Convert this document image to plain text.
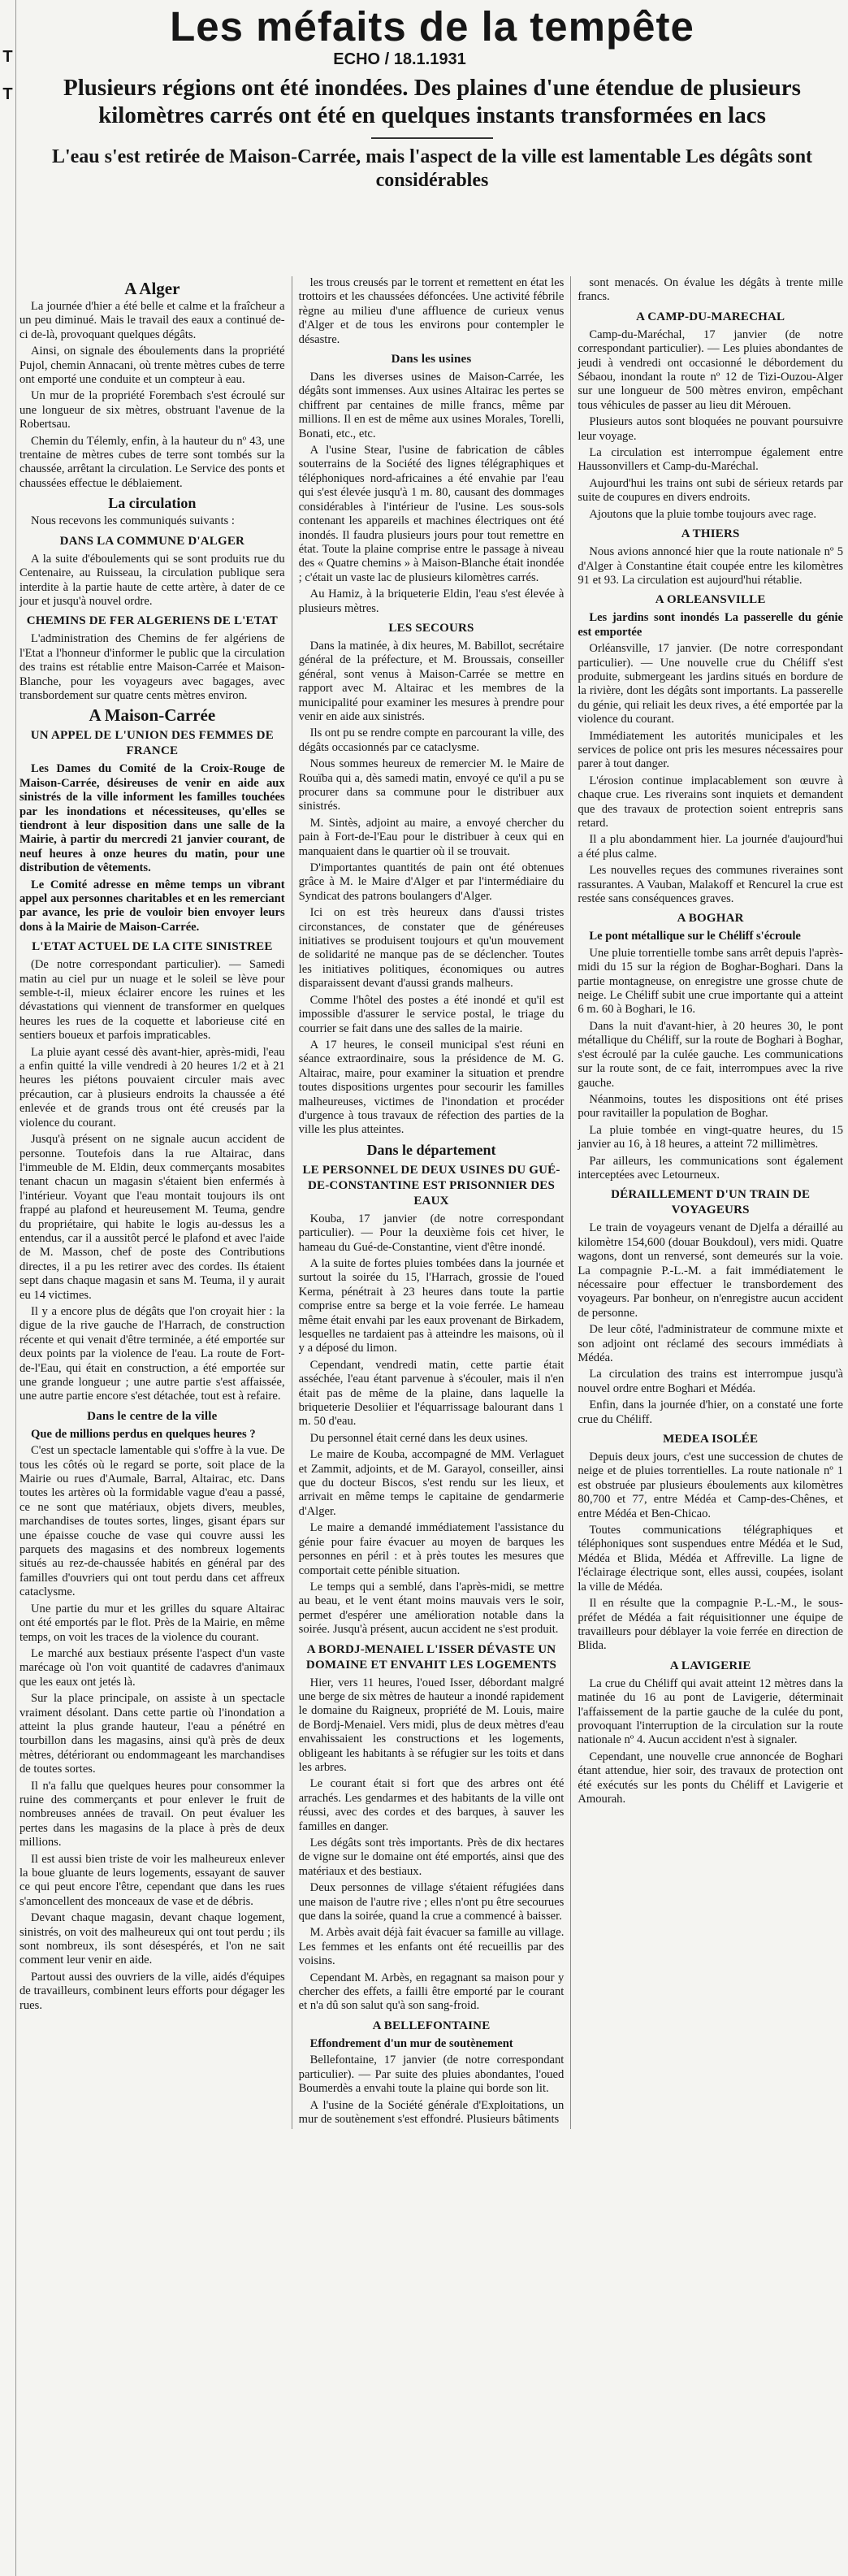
T
T
Les méfaits de la tempête
ECHO / 18.1.1931
Plusieurs régions ont été inondées. Des plaines d'une étendue de plusieurs kilomètres carrés ont été en quelques instants transformées en lacs
L'eau s'est retirée de Maison-Carrée, mais l'aspect de la ville est lamentable Les dégâts sont considérables
A Alger

La journée d'hier a été belle et calme et la fraîcheur a un peu diminué. Mais le travail des eaux a continué de-ci de-là, provoquant quelques dégâts.

Ainsi, on signale des éboulements dans la propriété Pujol, chemin Annacani, où trente mètres cubes de terre ont emporté une conduite et un compteur à eau.

Un mur de la propriété Forembach s'est écroulé sur une longueur de six mètres, obstruant l'avenue de la Robertsau.

Chemin du Télemly, enfin, à la hauteur du nº 43, une trentaine de mètres cubes de terre sont tombés sur la chaussée, arrêtant la circulation. Le Service des ponts et chaussées effectue le déblaiement.

La circulation

Nous recevons les communiqués suivants :

DANS LA COMMUNE D'ALGER

A la suite d'éboulements qui se sont produits rue du Centenaire, au Ruisseau, la circulation publique sera interdite à la partie haute de cette artère, à dater de ce jour et jusqu'à nouvel ordre.

CHEMINS DE FER ALGERIENS DE L'ETAT

L'administration des Chemins de fer algériens de l'Etat a l'honneur d'informer le public que la circulation des trains est rétablie entre Maison-Carrée et Maison-Blanche, pour les voyageurs avec bagages, avec transbordement sur quatre cents mètres environ.

A Maison-Carrée
UN APPEL DE L'UNION DES FEMMES DE FRANCE

Les Dames du Comité de la Croix-Rouge de Maison-Carrée, désireuses de venir en aide aux sinistrés de la ville informent les familles touchées par les inondations et nécessiteuses, qu'elles se tiendront à leur disposition dans une salle de la Mairie, à partir du mercredi 21 janvier courant, de neuf heures à onze heures du matin, pour une distribution de vêtements.

Le Comité adresse en même temps un vibrant appel aux personnes charitables et en les remerciant par avance, les prie de vouloir bien envoyer leurs dons à la Mairie de Maison-Carrée.

L'ETAT ACTUEL DE LA CITE SINISTREE

(De notre correspondant particulier). — Samedi matin au ciel pur un nuage et le soleil se lève pour semble-t-il, mieux éclairer encore les ruines et les dévastations qui viennent de transformer en quelques heures les rues de la coquette et laborieuse cité en sentiers boueux et parfois impraticables.

La pluie ayant cessé dès avant-hier, après-midi, l'eau a enfin quitté la ville vendredi à 20 heures 1/2 et à 21 heures les piétons pouvaient circuler mais avec précaution, car à plusieurs endroits la chaussée a été enlevée et de grands trous ont été creusés par la violence du courant.

Jusqu'à présent on ne signale aucun accident de personne. Toutefois dans la rue Altairac, dans l'immeuble de M. Eldin, deux commerçants mosabites tenant chacun un magasin s'étaient bien enfermés à l'intérieur. Voyant que l'eau montait toujours ils ont frappé au plafond et heureusement M. Teuma, gendre du propriétaire, qui habite le logis au-dessus les a entendus, car il a aussitôt percé le plafond et avec l'aide de M. Masson, chef de poste des Contributions directes, il a pu les retirer avec des cordes. Ils étaient sept dans chaque magasin et sans M. Teuma, il y aurait eu 14 victimes.

Il y a encore plus de dégâts que l'on croyait hier : la digue de la rive gauche de l'Harrach, de construction récente et qui venait d'être terminée, a été emportée sur deux points par la violence de l'eau. La route de Fort-de-l'Eau, qui était en construction, a été emportée sur une grande longueur ; une autre partie s'est affaissée, une autre partie encore s'est détachée, tout est à refaire.

Dans le centre de la ville

Que de millions perdus en quelques heures ?

C'est un spectacle lamentable qui s'offre à la vue. De tous les côtés où le regard se porte, soit place de la Mairie ou rues d'Aumale, Barral, Altairac, etc. Dans toutes les artères où la formidable vague d'eau a passé, ce ne sont que matériaux, objets divers, meubles, marchandises de toutes sortes, linges, gisant épars sur une épaisse couche de vase qui couvre aussi les parquets des magasins et des nombreux logements situés au rez-de-chaussée habités en général par des familles d'ouvriers qui ont tout perdu dans cet affreux cataclysme.

Une partie du mur et les grilles du square Altairac ont été emportés par le flot. Près de la Mairie, en même temps, on voit les traces de la violence du courant.

Le marché aux bestiaux présente l'aspect d'un vaste marécage où l'on voit quantité de cadavres d'animaux que les eaux ont jetés là.

Sur la place principale, on assiste à un spectacle vraiment désolant. Dans cette partie où l'inondation a atteint la plus grande hauteur, l'eau a pénétré en tourbillon dans les magasins, ainsi qu'à près de deux mètres, détériorant ou endommageant les marchandises de toutes sortes.

Il n'a fallu que quelques heures pour consommer la ruine des commerçants et pour enlever le fruit de nombreuses années de travail. On peut évaluer les pertes dans les magasins de la place à près de deux millions.

Il est aussi bien triste de voir les malheureux enlever la boue gluante de leurs logements, essayant de sauver ce qui peut encore l'être, cependant que dans les rues s'amoncellent des monceaux de vase et de débris.

Devant chaque magasin, devant chaque logement, sinistrés, on voit des malheureux qui ont tout perdu ; ils sont nombreux, ils sont désespérés, et l'on ne sait comment leur venir en aide.

Partout aussi des ouvriers de la ville, aidés d'équipes de travailleurs, combinent leurs efforts pour dégager les rues.

les trous creusés par le torrent et remettent en état les trottoirs et les chaussées défoncées. Une activité fébrile règne au milieu d'une affluence de curieux venus d'Alger et de tous les environs pour contempler le désastre.

Dans les usines

Dans les diverses usines de Maison-Carrée, les dégâts sont immenses. Aux usines Altairac les pertes se chiffrent par centaines de mille francs, même par millions. Il en est de même aux usines Morales, Torelli, Bonati, etc., etc.

A l'usine Stear, l'usine de fabrication de câbles souterrains de la Société des lignes télégraphiques et téléphoniques nord-africaines a été envahie par l'eau qui s'est élevée jusqu'à 1 m. 80, causant des dommages considérables à l'intérieur de l'usine. Les sous-sols contenant les appareils et machines électriques ont été inondés. Il faudra plusieurs jours pour tout remettre en état. Toute la plaine comprise entre le passage à niveau des « Quatre chemins » à Maison-Blanche était inondée ; c'était un vaste lac de plusieurs kilomètres carrés.

Au Hamiz, à la briqueterie Eldin, l'eau s'est élevée à plusieurs mètres.

LES SECOURS

Dans la matinée, à dix heures, M. Babillot, secrétaire général de la préfecture, et M. Broussais, conseiller général, sont venus à Maison-Carrée se mettre en rapport avec M. Altairac et les membres de la municipalité pour examiner les mesures à prendre pour venir en aide aux sinistrés.

Ils ont pu se rendre compte en parcourant la ville, des dégâts occasionnés par ce cataclysme.

Nous sommes heureux de remercier M. le Maire de Rouïba qui a, dès samedi matin, envoyé ce qu'il a pu se procurer dans sa commune pour le distribuer aux sinistrés.

M. Sintès, adjoint au maire, a envoyé chercher du pain à Fort-de-l'Eau pour le distribuer à ceux qui en manquaient dans le quartier où il se trouvait.

D'importantes quantités de pain ont été obtenues grâce à M. le Maire d'Alger et par l'intermédiaire du Syndicat des patrons boulangers d'Alger.

Ici on est très heureux dans d'aussi tristes circonstances, de constater que de généreuses initiatives se produisent toujours et qu'un mouvement de solidarité ne manque pas de se déclencher. Toutes les initiatives politiques, économiques ou autres disparaissent devant d'aussi grands malheurs.

Comme l'hôtel des postes a été inondé et qu'il est impossible d'assurer le service postal, le triage du courrier se fait dans une des salles de la mairie.

A 17 heures, le conseil municipal s'est réuni en séance extraordinaire, sous la présidence de M. G. Altairac, maire, pour examiner la situation et prendre toutes dispositions urgentes pour secourir les familles malheureuses, victimes de l'inondation et procéder d'urgence à tous travaux de réfection des parties de la ville les plus atteintes.

Dans le département
LE PERSONNEL DE DEUX USINES DU GUÉ-DE-CONSTANTINE EST PRISONNIER DES EAUX

Kouba, 17 janvier (de notre correspondant particulier). — Pour la deuxième fois cet hiver, le hameau du Gué-de-Constantine, vient d'être inondé.

A la suite de fortes pluies tombées dans la journée et surtout la soirée du 15, l'Harrach, grossie de l'oued Kerma, pénétrait à 23 heures dans toute la partie comprise entre sa berge et la voie ferrée. Le hameau même était envahi par les eaux provenant de Birkadem, lesquelles ne tardaient pas à atteindre les maisons, où il y a déposé du limon.

Cependant, vendredi matin, cette partie était asséchée, l'eau étant parvenue à s'écouler, mais il n'en était pas de même de la plaine, dans laquelle la briqueterie Desoliier et l'équarrissage balourant dans 1 m. 50 d'eau.

Du personnel était cerné dans les deux usines.

Le maire de Kouba, accompagné de MM. Verlaguet et Zammit, adjoints, et de M. Garayol, conseiller, ainsi que du docteur Biscos, s'est rendu sur les lieux, et arrivait en même temps le capitaine de gendarmerie d'Alger.

Le maire a demandé immédiatement l'assistance du génie pour faire évacuer au moyen de barques les personnes en péril : et à près toutes les mesures que comportait cette pénible situation.

Le temps qui a semblé, dans l'après-midi, se mettre au beau, et le vent étant moins mauvais vers le soir, permet d'espérer une amélioration notable dans la soirée. Jusqu'à présent, aucun accident ne s'est produit.

A BORDJ-MENAIEL L'ISSER DÉVASTE UN DOMAINE ET ENVAHIT LES LOGEMENTS

Hier, vers 11 heures, l'oued Isser, débordant malgré une berge de six mètres de hauteur a inondé rapidement le domaine du Raigneux, propriété de M. Louis, maire de Bordj-Menaiel. Vers midi, plus de deux mètres d'eau envahissaient les constructions et les logements, obligeant les habitants à se réfugier sur les toits et dans les arbres.

Le courant était si fort que des arbres ont été arrachés. Les gendarmes et des habitants de la ville ont réussi, avec des cordes et des barques, à sauver les familles en danger.

Les dégâts sont très importants. Près de dix hectares de vigne sur le domaine ont été emportés, ainsi que des matériaux et des bestiaux.

Deux personnes de village s'étaient réfugiées dans une maison de l'autre rive ; elles n'ont pu être secourues que dans la soirée, quand la crue a commencé à baisser.

M. Arbès avait déjà fait évacuer sa famille au village. Les femmes et les enfants ont été recueillis par des voisins.

Cependant M. Arbès, en regagnant sa maison pour y chercher des effets, a failli être emporté par le courant et n'a dû son salut qu'à son sang-froid.

A BELLEFONTAINE

Effondrement d'un mur de soutènement

Bellefontaine, 17 janvier (de notre correspondant particulier). — Par suite des pluies abondantes, l'oued Boumerdès a envahi toute la plaine qui borde son lit.

A l'usine de la Société générale d'Exploitations, un mur de soutènement s'est effondré. Plusieurs bâtiments

sont menacés. On évalue les dégâts à trente mille francs.

A CAMP-DU-MARECHAL

Camp-du-Maréchal, 17 janvier (de notre correspondant particulier). — Les pluies abondantes de jeudi à vendredi ont occasionné le débordement du Sébaou, inondant la route nº 12 de Tizi-Ouzou-Alger sur une longueur de 500 mètres environ, empêchant tous véhicules de passer au lieu dit Mérouen.

Plusieurs autos sont bloquées ne pouvant poursuivre leur voyage.

La circulation est interrompue également entre Haussonvillers et Camp-du-Maréchal.

Aujourd'hui les trains ont subi de sérieux retards par suite de coupures en divers endroits.

Ajoutons que la pluie tombe toujours avec rage.

A THIERS

Nous avions annoncé hier que la route nationale nº 5 d'Alger à Constantine était coupée entre les kilomètres 91 et 93. La circulation est aujourd'hui rétablie.

A ORLEANSVILLE

Les jardins sont inondés La passerelle du génie est emportée

Orléansville, 17 janvier. (De notre correspondant particulier). — Une nouvelle crue du Chéliff s'est produite, submergeant les jardins situés en bordure de la rivière, dont les dégâts sont importants. La passerelle du génie, qui reliait les deux rives, a été emportée par la violence du courant.

Immédiatement les autorités municipales et les services de police ont pris les mesures nécessaires pour parer à tout danger.

L'érosion continue implacablement son œuvre à chaque crue. Les riverains sont inquiets et demandent que des travaux de protection soient entrepris sans retard.

Il a plu abondamment hier. La journée d'aujourd'hui a été plus calme.

Les nouvelles reçues des communes riveraines sont rassurantes. A Vauban, Malakoff et Rencurel la crue est restée sans conséquences graves.

A BOGHAR

Le pont métallique sur le Chéliff s'écroule

Une pluie torrentielle tombe sans arrêt depuis l'après-midi du 15 sur la région de Boghar-Boghari. Dans la partie montagneuse, on enregistre une grosse chute de neige. Le Chéliff subit une crue importante qui a atteint 6 m. 60 à Boghari, le 16.

Dans la nuit d'avant-hier, à 20 heures 30, le pont métallique du Chéliff, sur la route de Boghari à Boghar, s'est écroulé par la culée gauche. Les communications sur la route sont, de ce fait, interrompues avec la rive gauche.

Néanmoins, toutes les dispositions ont été prises pour ravitailler la population de Boghar.

La pluie tombée en vingt-quatre heures, du 15 janvier au 16, à 18 heures, a atteint 72 millimètres.

Par ailleurs, les communications sont également interceptées avec Letourneux.

DÉRAILLEMENT D'UN TRAIN DE VOYAGEURS

Le train de voyageurs venant de Djelfa a déraillé au kilomètre 154,600 (douar Boukdoul), vers midi. Quatre wagons, dont un renversé, sont demeurés sur la voie. La compagnie P.-L.-M. a fait immédiatement le nécessaire pour effectuer le transbordement des voyageurs. Par bonheur, on n'enregistre aucun accident de personne.

De leur côté, l'administrateur de commune mixte et son adjoint ont réclamé des secours immédiats à Médéa.

La circulation des trains est interrompue jusqu'à nouvel ordre entre Boghari et Médéa.

Enfin, dans la journée d'hier, on a constaté une forte crue du Chéliff.

MEDEA ISOLÉE

Depuis deux jours, c'est une succession de chutes de neige et de pluies torrentielles. La route nationale nº 1 est obstruée par plusieurs éboulements aux kilomètres 80,700 et 77, entre Médéa et Camp-des-Chênes, et entre Médéa et Ben-Chicao.

Toutes communications télégraphiques et téléphoniques sont suspendues entre Médéa et le Sud, Médéa et Blida, Médéa et Affreville. La ligne de l'éclairage électrique sont, elles aussi, coupées, isolant la ville de Médéa.

Il en résulte que la compagnie P.-L.-M., le sous-préfet de Médéa a fait réquisitionner une équipe de travailleurs pour déblayer la voie ferrée en direction de Blida.

A LAVIGERIE

La crue du Chéliff qui avait atteint 12 mètres dans la matinée du 16 au pont de Lavigerie, déterminait l'affaissement de la partie gauche de la culée du pont, provoquant l'interruption de la circulation sur la route nationale nº 4. Aucun accident n'est à signaler.

Cependant, une nouvelle crue annoncée de Boghari étant attendue, hier soir, des travaux de protection ont été exécutés sur les ponts du Chéliff et Lavigerie et Amourah.
